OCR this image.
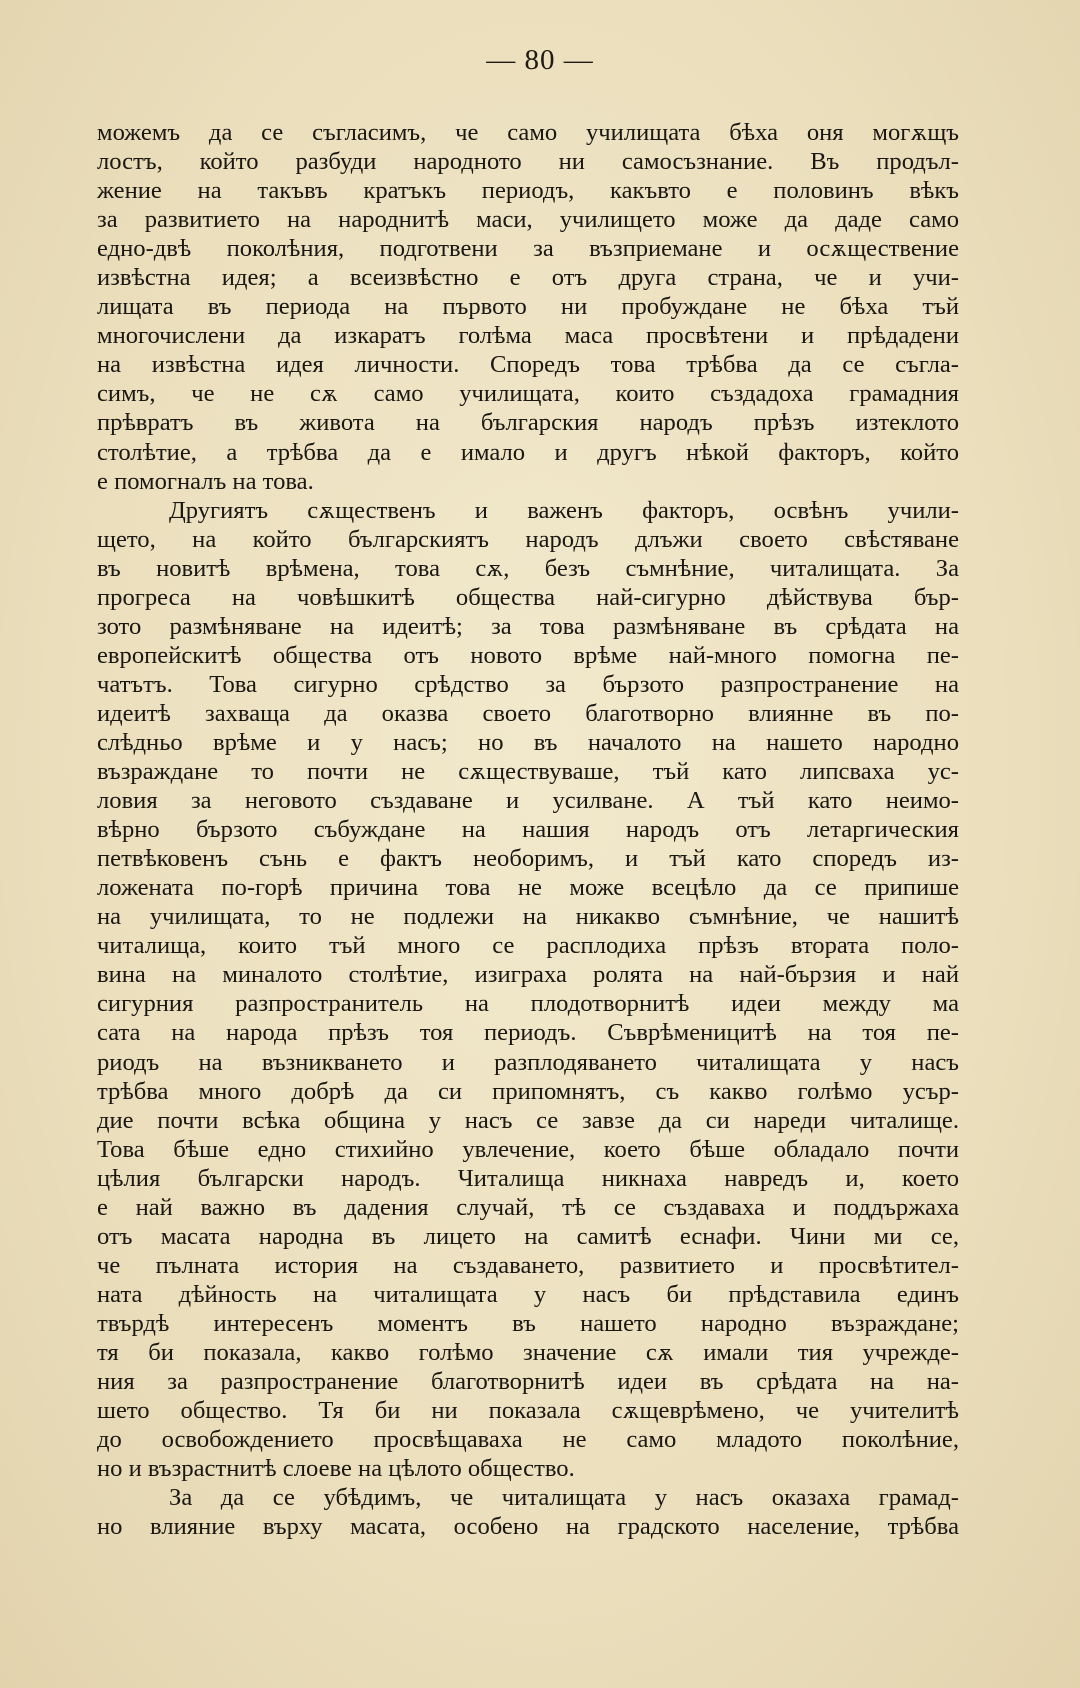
— 80 —
можемъ да се съгласимъ, че само училищата бѣха оня могѫщъ
лостъ, който разбуди народното ни самосъзнание. Въ продъл-
жение на такъвъ кратъкъ периодъ, какъвто е половинъ вѣкъ
за развитието на народнитѣ маси, училището може да даде само
едно-двѣ поколѣния, подготвени за възприемане и осѫществение
извѣстна идея; а всеизвѣстно е отъ друга страна, че и учи-
лищата въ периода на първото ни пробуждане не бѣха тъй
многочислени да изкаратъ голѣма маса просвѣтени и прѣдадени
на извѣстна идея личности. Споредъ това трѣбва да се съгла-
симъ, че не сѫ само училищата, които създадоха грамадния
прѣвратъ въ живота на българския народъ прѣзъ изтеклото
столѣтие, а трѣбва да е имало и другъ нѣкой факторъ, който
е помогналъ на това.
Другиятъ сѫщественъ и важенъ факторъ, освѣнъ учили-
щето, на който българскиятъ народъ длъжи своето свѣстяване
въ новитѣ врѣмена, това сѫ, безъ съмнѣние, читалищата. За
прогреса на човѣшкитѣ общества най-сигурно дѣйствува бър-
зото размѣняване на идеитѣ; за това размѣняване въ срѣдата на
европейскитѣ общества отъ новото врѣме най-много помогна пе-
чатътъ. Това сигурно срѣдство за бързото разпространение на
идеитѣ захваща да оказва своето благотворно влиянне въ по-
слѣдньо врѣме и у насъ; но въ началото на нашето народно
възраждане то почти не сѫществуваше, тъй като липсваха ус-
ловия за неговото създаване и усилване. А тъй като неимо-
вѣрно бързото събуждане на нашия народъ отъ летаргическия
петвѣковенъ сънь е фактъ необоримъ, и тъй като споредъ из-
ложената по-горѣ причина това не може всецѣло да се припише
на училищата, то не подлежи на никакво съмнѣние, че нашитѣ
читалища, които тъй много се расплодиха прѣзъ втората поло-
вина на миналото столѣтие, изиграха ролята на най-бързия и най
сигурния разпространитель на плодотворнитѣ идеи между ма
сата на народа прѣзъ тоя периодъ. Съврѣменицитѣ на тоя пе-
риодъ на възникването и разплодяването читалищата у насъ
трѣбва много добрѣ да си припомнятъ, съ какво голѣмо усър-
дие почти всѣка община у насъ се завзе да си нареди читалище.
Това бѣше едно стихийно увлечение, което бѣше обладало почти
цѣлия български народъ. Читалища никнаха навредъ и, което
е най важно въ дадения случай, тѣ се създаваха и поддържаха
отъ масата народна въ лицето на самитѣ еснафи. Чини ми се,
че пълната история на създаването, развитието и просвѣтител-
ната дѣйность на читалищата у насъ би прѣдставила единъ
твърдѣ интересенъ моментъ въ нашето народно възраждане;
тя би показала, какво голѣмо значение сѫ имали тия учрежде-
ния за разпространение благотворнитѣ идеи въ срѣдата на на-
шето общество. Тя би ни показала сѫщеврѣмено, че учителитѣ
до освобождението просвѣщаваха не само младото поколѣние,
но и възрастнитѣ слоеве на цѣлото общество.
За да се убѣдимъ, че читалищата у насъ оказаха грамад-
но влияние върху масата, особено на градското население, трѣбва
